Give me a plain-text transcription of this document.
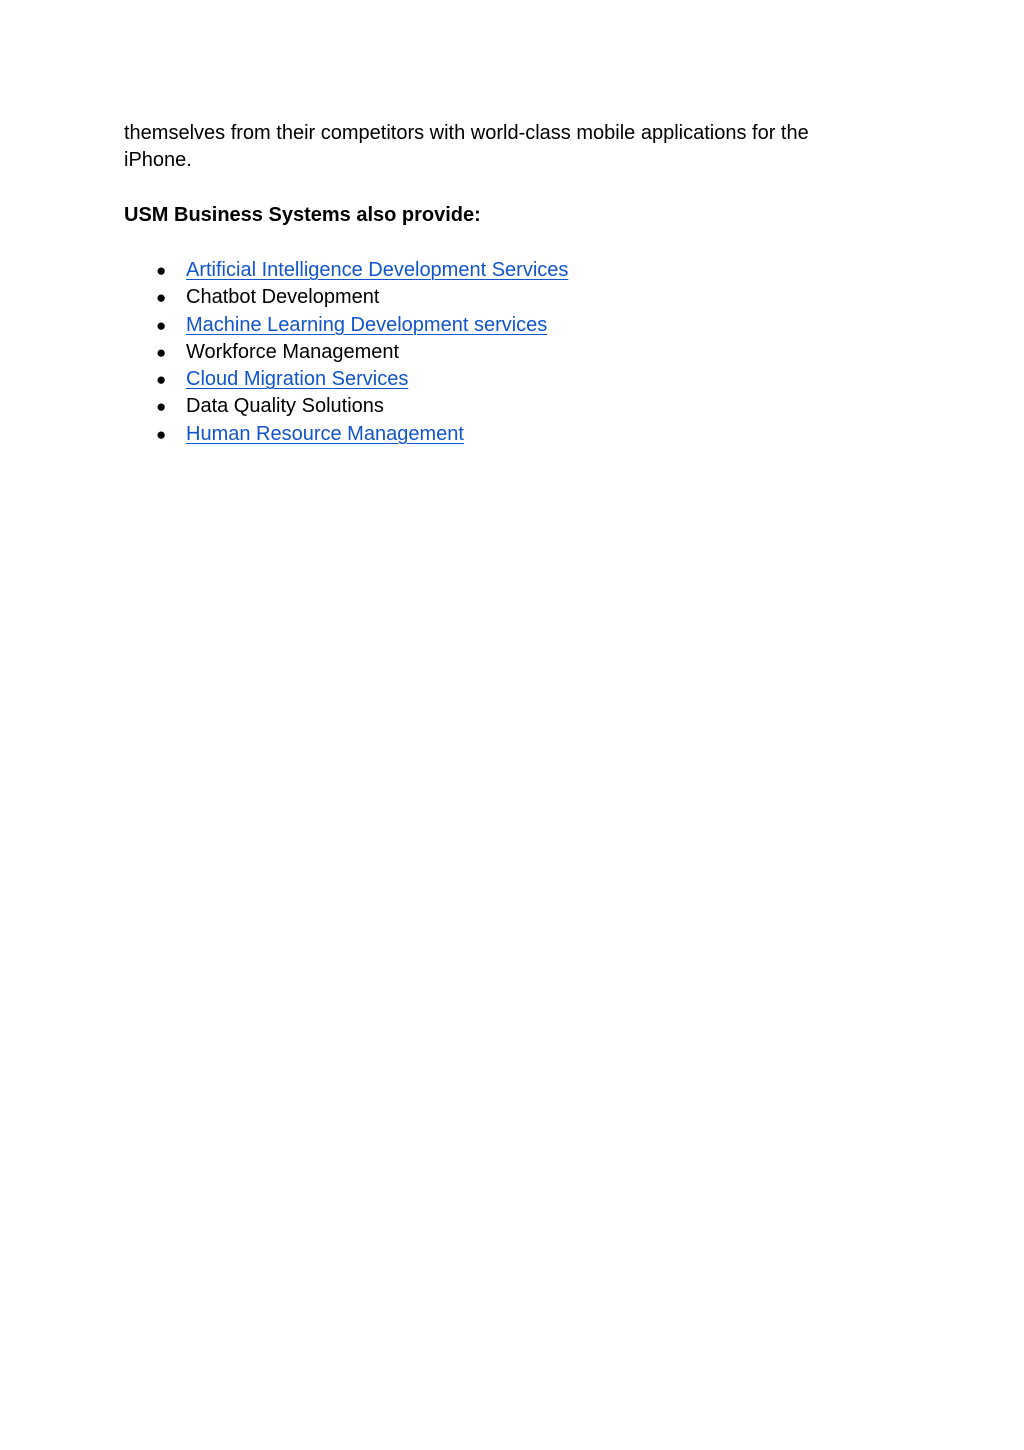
themselves from their competitors with world-class mobile applications for the
iPhone.

USM Business Systems also provide:

● Artificial Intelligence Development Services
● Chatbot Development
● Machine Learning Development services
● Workforce Management
● Cloud Migration Services
● Data Quality Solutions
● Human Resource Management
